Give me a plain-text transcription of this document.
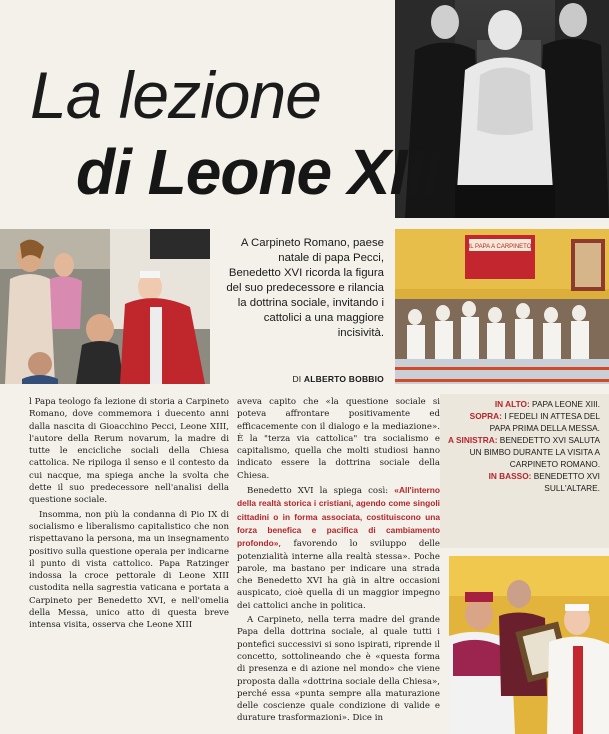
La lezione
di Leone XIII
IL PAPA A CARPINETO
A Carpineto Romano, paese natale di papa Pecci, Benedetto XVI ricorda la figura del suo predecessore e rilancia la dottrina sociale, invitando i cattolici a una maggiore incisività.
DI ALBERTO BOBBIO

l Papa teologo fa lezione di storia a Carpineto Romano, dove commemora i duecento anni dalla nascita di Gioacchino Pecci, Leone XIII, l'autore della Rerum novarum, la madre di tutte le encicliche sociali della Chiesa cattolica. Ne ripiloga il senso e il contesto da cui nacque, ma spiega anche la svolta che dette il suo predecessore nell'analisi della questione sociale.

Insomma, non più la condanna di Pio IX di socialismo e liberalismo capitalistico che non rispettavano la persona, ma un insegnamento positivo sulla questione operaia per indicarne il punto di vista cattolico. Papa Ratzinger indossa la croce pettorale di Leone XIII custodita nella sagrestia vaticana e portata a Carpineto per Benedetto XVI, e nell'omelia della Messa, unico atto di questa breve intensa visita, osserva che Leone XIII

aveva capito che «la questione sociale si poteva affrontare positivamente ed efficacemente con il dialogo e la mediazione». È la "terza via cattolica" tra socialismo e capitalismo, quella che molti studiosi hanno indicato essere la dottrina sociale della Chiesa.

Benedetto XVI la spiega così: «All'interno della realtà storica i cristiani, agendo come singoli cittadini o in forma associata, costituiscono una forza benefica e pacifica di cambiamento profondo», favorendo lo sviluppo delle potenzialità interne alla realtà stessa». Poche parole, ma bastano per indicare una strada che Benedetto XVI ha già in altre occasioni auspicato, cioè quella di un maggior impegno dei cattolici anche in politica.

A Carpineto, nella terra madre del grande Papa della dottrina sociale, al quale tutti i pontefici successivi si sono ispirati, riprende il concetto, sottolineando che è «questa forma di presenza e di azione nel mondo» che viene proposta dalla «dottrina sociale della Chiesa», perché essa «punta sempre alla maturazione delle coscienze quale condizione di valide e durature trasformazioni». Dice in

IN ALTO: PAPA LEONE XIII.
SOPRA: I FEDELI IN ATTESA DEL PAPA PRIMA DELLA MESSA.
A SINISTRA: BENEDETTO XVI SALUTA UN BIMBO DURANTE LA VISITA A CARPINETO ROMANO.
IN BASSO: BENEDETTO XVI SULL'ALTARE.
